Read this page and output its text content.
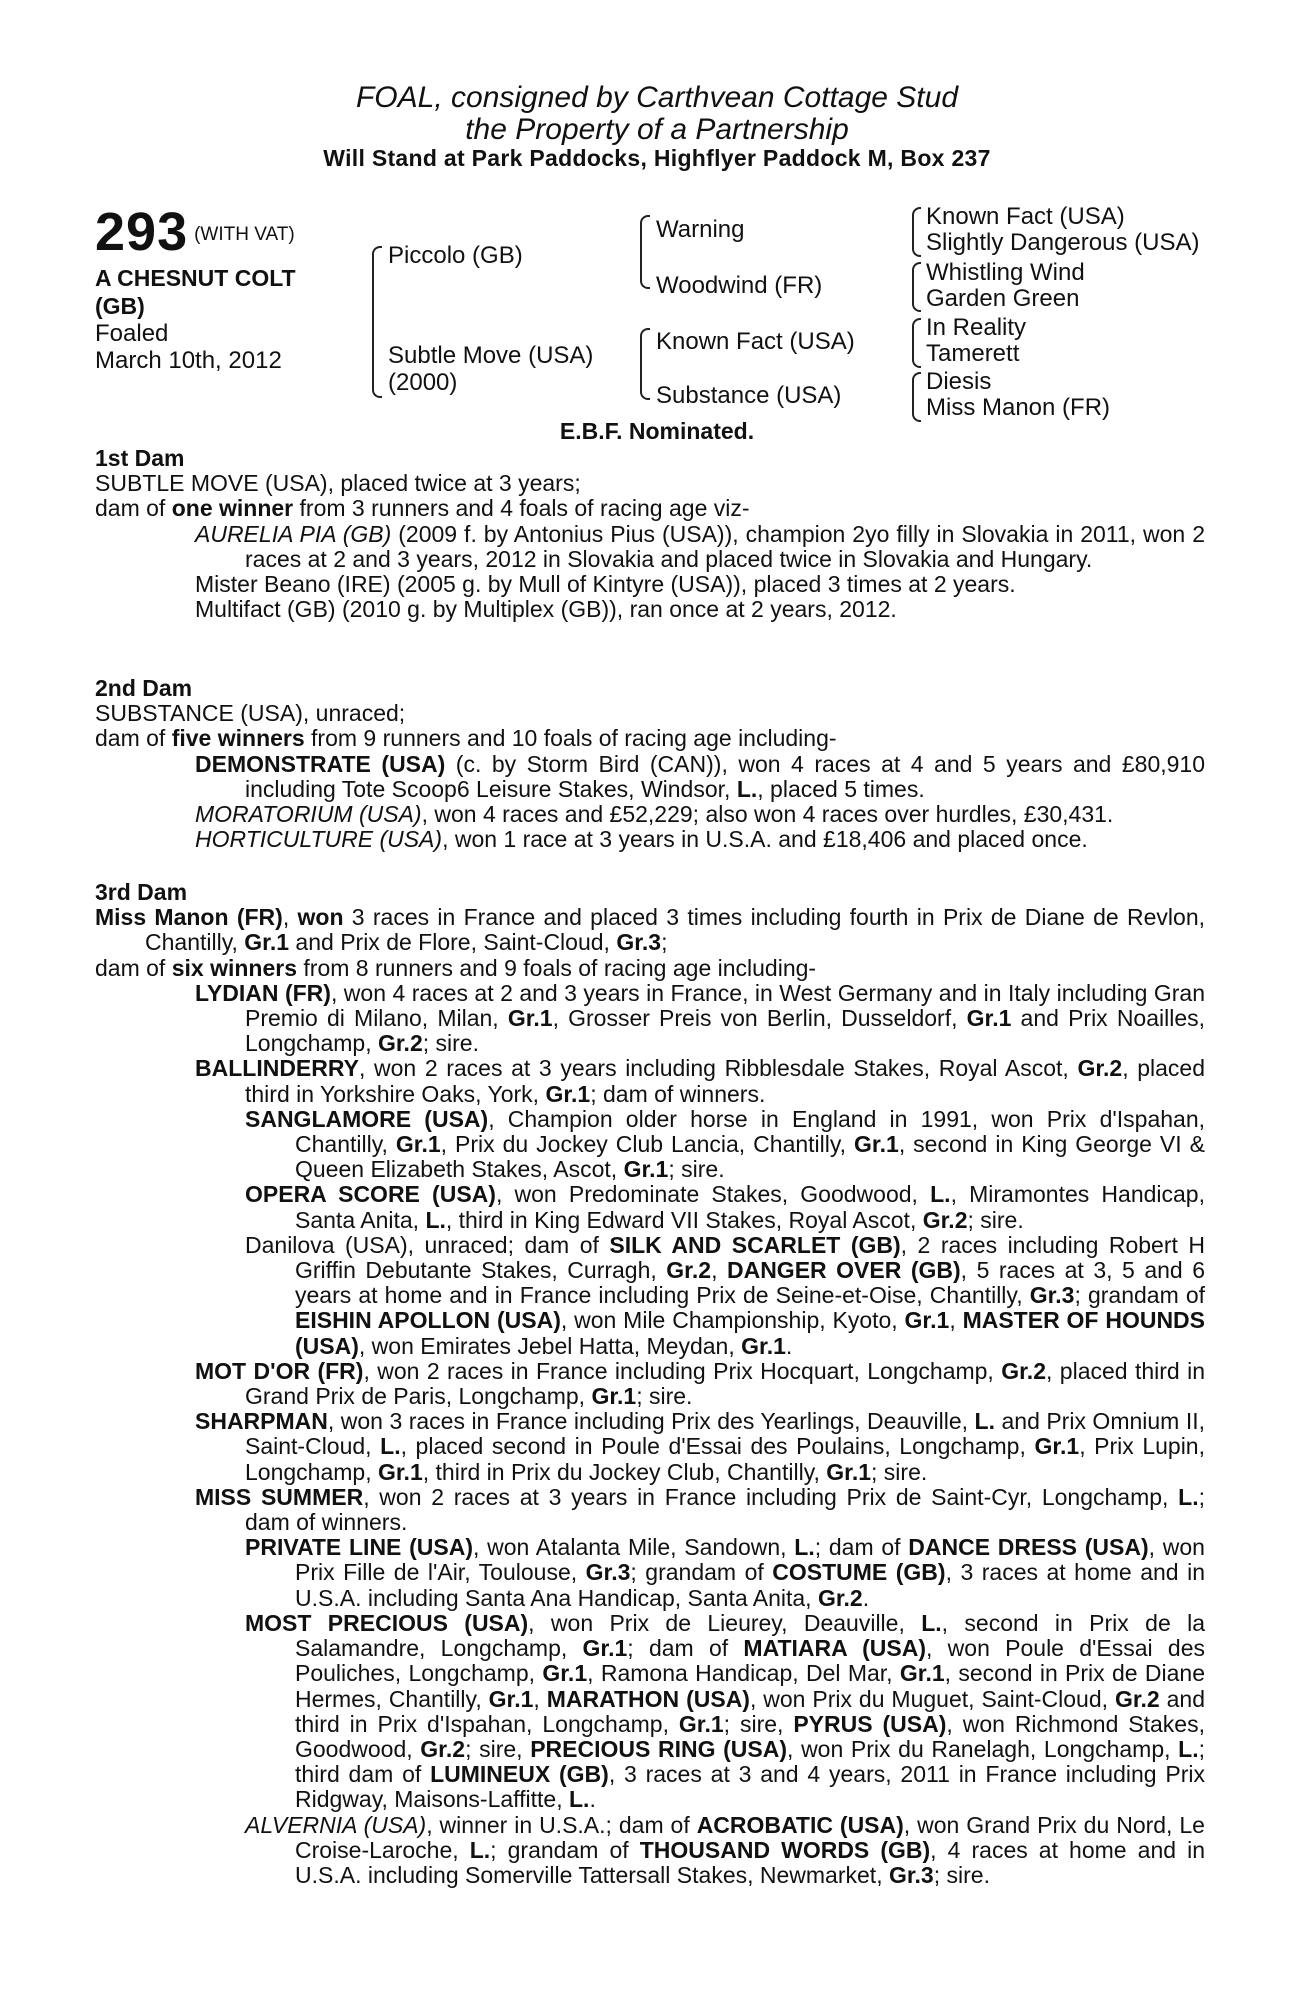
FOAL, consigned by Carthvean Cottage Stud
the Property of a Partnership
Will Stand at Park Paddocks, Highflyer Paddock M, Box 237
293 (WITH VAT)
A CHESNUT COLT
(GB)
Foaled
March 10th, 2012
Piccolo (GB)
Subtle Move (USA)
(2000)
Warning
Woodwind (FR)
Known Fact (USA)
Substance (USA)
Known Fact (USA)
Slightly Dangerous (USA)
Whistling Wind
Garden Green
In Reality
Tamerett
Diesis
Miss Manon (FR)
E.B.F. Nominated.

1st Dam

SUBTLE MOVE (USA), placed twice at 3 years;

dam of one winner from 3 runners and 4 foals of racing age viz-

AURELIA PIA (GB) (2009 f. by Antonius Pius (USA)), champion 2yo filly in Slovakia in 2011, won 2 races at 2 and 3 years, 2012 in Slovakia and placed twice in Slovakia and Hungary.

Mister Beano (IRE) (2005 g. by Mull of Kintyre (USA)), placed 3 times at 2 years.

Multifact (GB) (2010 g. by Multiplex (GB)), ran once at 2 years, 2012.

2nd Dam

SUBSTANCE (USA), unraced;

dam of five winners from 9 runners and 10 foals of racing age including-

DEMONSTRATE (USA) (c. by Storm Bird (CAN)), won 4 races at 4 and 5 years and £80,910 including Tote Scoop6 Leisure Stakes, Windsor, L., placed 5 times.

MORATORIUM (USA), won 4 races and £52,229; also won 4 races over hurdles, £30,431.

HORTICULTURE (USA), won 1 race at 3 years in U.S.A. and £18,406 and placed once.

3rd Dam

Miss Manon (FR), won 3 races in France and placed 3 times including fourth in Prix de Diane de Revlon, Chantilly, Gr.1 and Prix de Flore, Saint-Cloud, Gr.3;

dam of six winners from 8 runners and 9 foals of racing age including-

LYDIAN (FR), won 4 races at 2 and 3 years in France, in West Germany and in Italy including Gran Premio di Milano, Milan, Gr.1, Grosser Preis von Berlin, Dusseldorf, Gr.1 and Prix Noailles, Longchamp, Gr.2; sire.

BALLINDERRY, won 2 races at 3 years including Ribblesdale Stakes, Royal Ascot, Gr.2, placed third in Yorkshire Oaks, York, Gr.1; dam of winners.

SANGLAMORE (USA), Champion older horse in England in 1991, won Prix d'Ispahan, Chantilly, Gr.1, Prix du Jockey Club Lancia, Chantilly, Gr.1, second in King George VI & Queen Elizabeth Stakes, Ascot, Gr.1; sire.

OPERA SCORE (USA), won Predominate Stakes, Goodwood, L., Miramontes Handicap, Santa Anita, L., third in King Edward VII Stakes, Royal Ascot, Gr.2; sire.

Danilova (USA), unraced; dam of SILK AND SCARLET (GB), 2 races including Robert H Griffin Debutante Stakes, Curragh, Gr.2, DANGER OVER (GB), 5 races at 3, 5 and 6 years at home and in France including Prix de Seine-et-Oise, Chantilly, Gr.3; grandam of EISHIN APOLLON (USA), won Mile Championship, Kyoto, Gr.1, MASTER OF HOUNDS (USA), won Emirates Jebel Hatta, Meydan, Gr.1.

MOT D'OR (FR), won 2 races in France including Prix Hocquart, Longchamp, Gr.2, placed third in Grand Prix de Paris, Longchamp, Gr.1; sire.

SHARPMAN, won 3 races in France including Prix des Yearlings, Deauville, L. and Prix Omnium II, Saint-Cloud, L., placed second in Poule d'Essai des Poulains, Longchamp, Gr.1, Prix Lupin, Longchamp, Gr.1, third in Prix du Jockey Club, Chantilly, Gr.1; sire.

MISS SUMMER, won 2 races at 3 years in France including Prix de Saint-Cyr, Longchamp, L.; dam of winners.

PRIVATE LINE (USA), won Atalanta Mile, Sandown, L.; dam of DANCE DRESS (USA), won Prix Fille de l'Air, Toulouse, Gr.3; grandam of COSTUME (GB), 3 races at home and in U.S.A. including Santa Ana Handicap, Santa Anita, Gr.2.

MOST PRECIOUS (USA), won Prix de Lieurey, Deauville, L., second in Prix de la Salamandre, Longchamp, Gr.1; dam of MATIARA (USA), won Poule d'Essai des Pouliches, Longchamp, Gr.1, Ramona Handicap, Del Mar, Gr.1, second in Prix de Diane Hermes, Chantilly, Gr.1, MARATHON (USA), won Prix du Muguet, Saint-Cloud, Gr.2 and third in Prix d'Ispahan, Longchamp, Gr.1; sire, PYRUS (USA), won Richmond Stakes, Goodwood, Gr.2; sire, PRECIOUS RING (USA), won Prix du Ranelagh, Longchamp, L.; third dam of LUMINEUX (GB), 3 races at 3 and 4 years, 2011 in France including Prix Ridgway, Maisons-Laffitte, L..

ALVERNIA (USA), winner in U.S.A.; dam of ACROBATIC (USA), won Grand Prix du Nord, Le Croise-Laroche, L.; grandam of THOUSAND WORDS (GB), 4 races at home and in U.S.A. including Somerville Tattersall Stakes, Newmarket, Gr.3; sire.
